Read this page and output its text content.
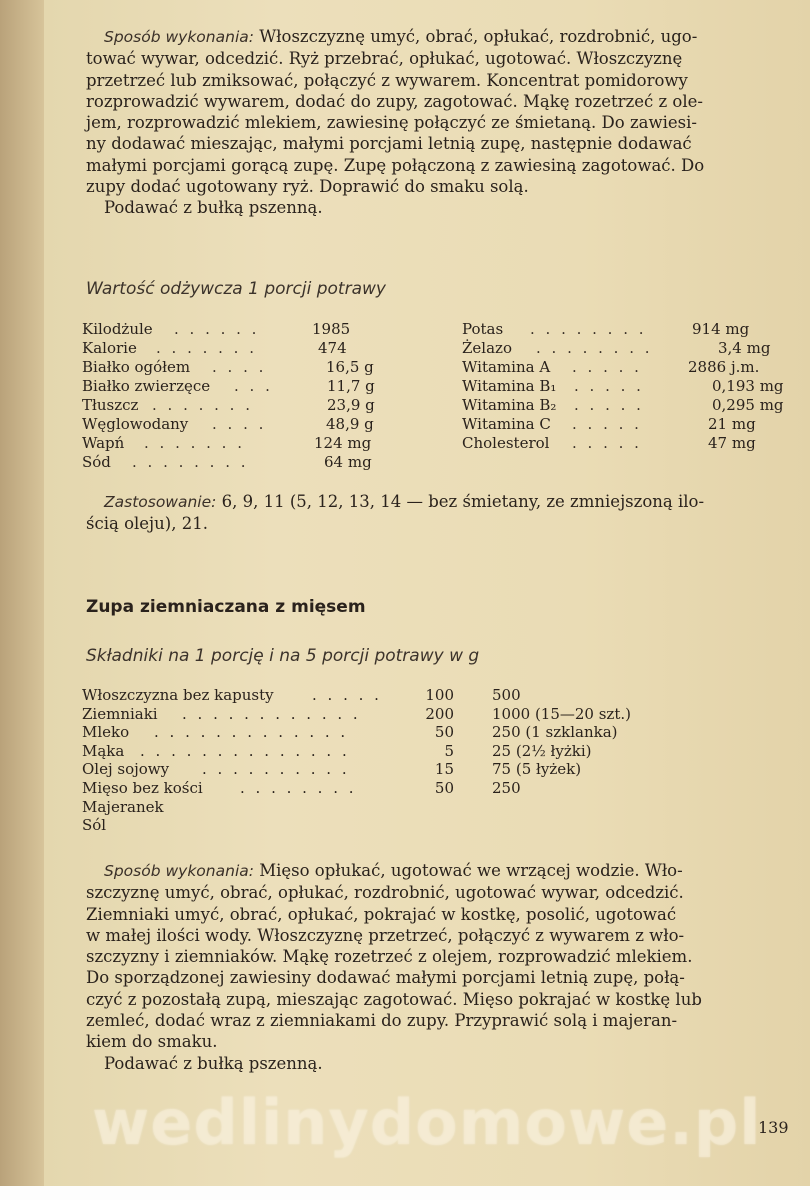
Sposób wykonania: Włoszczyznę umyć, obrać, opłukać, rozdrobnić, ugo-
tować wywar, odcedzić. Ryż przebrać, opłukać, ugotować. Włoszczyznę
przetrzeć lub zmiksować, połączyć z wywarem. Koncentrat pomidorowy
rozprowadzić wywarem, dodać do zupy, zagotować. Mąkę rozetrzeć z ole-
jem, rozprowadzić mlekiem, zawiesinę połączyć ze śmietaną. Do zawiesi-
ny dodawać mieszając, małymi porcjami letnią zupę, następnie dodawać
małymi porcjami gorącą zupę. Zupę połączoną z zawiesiną zagotować. Do
zupy dodać ugotowany ryż. Doprawić do smaku solą.
Podawać z bułką pszenną.
Wartość odżywcza 1 porcji potrawy
Kilodżule . . . . . .	1985
Kalorie . . . . . . .	474
Białko ogółem . . . .	16,5 g
Białko zwierzęce . . .	11,7 g
Tłuszcz . . . . . . .	23,9 g
Węglowodany . . . .	48,9 g
Wapń . . . . . . .	124 mg
Sód . . . . . . . .	64 mg
Potas . . . . . . . .	914 mg
Żelazo . . . . . . . .	3,4 mg
Witamina A . . . . .	2886 j.m.
Witamina B₁ . . . . .	0,193 mg
Witamina B₂ . . . . .	0,295 mg
Witamina C . . . . .	21 mg
Cholesterol . . . . .	47 mg
Zastosowanie: 6, 9, 11 (5, 12, 13, 14 — bez śmietany, ze zmniejszoną ilo-
ścią oleju), 21.
Zupa ziemniaczana z mięsem
Składniki na 1 porcję i na 5 porcji potrawy w g
Włoszczyzna bez kapusty	. . . . .	100	500
Ziemniaki . . . . . . . . . . . .	200	1000 (15—20 szt.)
Mleko . . . . . . . . . . . . .	50	250 (1 szklanka)
Mąka . . . . . . . . . . . . . .	5	25 (2½ łyżki)
Olej sojowy . . . . . . . . . .	15	75 (5 łyżek)
Mięso bez kości . . . . . . . .	50	250
Majeranek
Sól
Sposób wykonania: Mięso opłukać, ugotować we wrzącej wodzie. Wło-
szczyznę umyć, obrać, opłukać, rozdrobnić, ugotować wywar, odcedzić.
Ziemniaki umyć, obrać, opłukać, pokrajać w kostkę, posolić, ugotować
w małej ilości wody. Włoszczyznę przetrzeć, połączyć z wywarem z wło-
szczyzny i ziemniaków. Mąkę rozetrzeć z olejem, rozprowadzić mlekiem.
Do sporządzonej zawiesiny dodawać małymi porcjami letnią zupę, połą-
czyć z pozostałą zupą, mieszając zagotować. Mięso pokrajać w kostkę lub
zemleć, dodać wraz z ziemniakami do zupy. Przyprawić solą i majeran-
kiem do smaku.
Podawać z bułką pszenną.
wedlinydomowe.pl
139
